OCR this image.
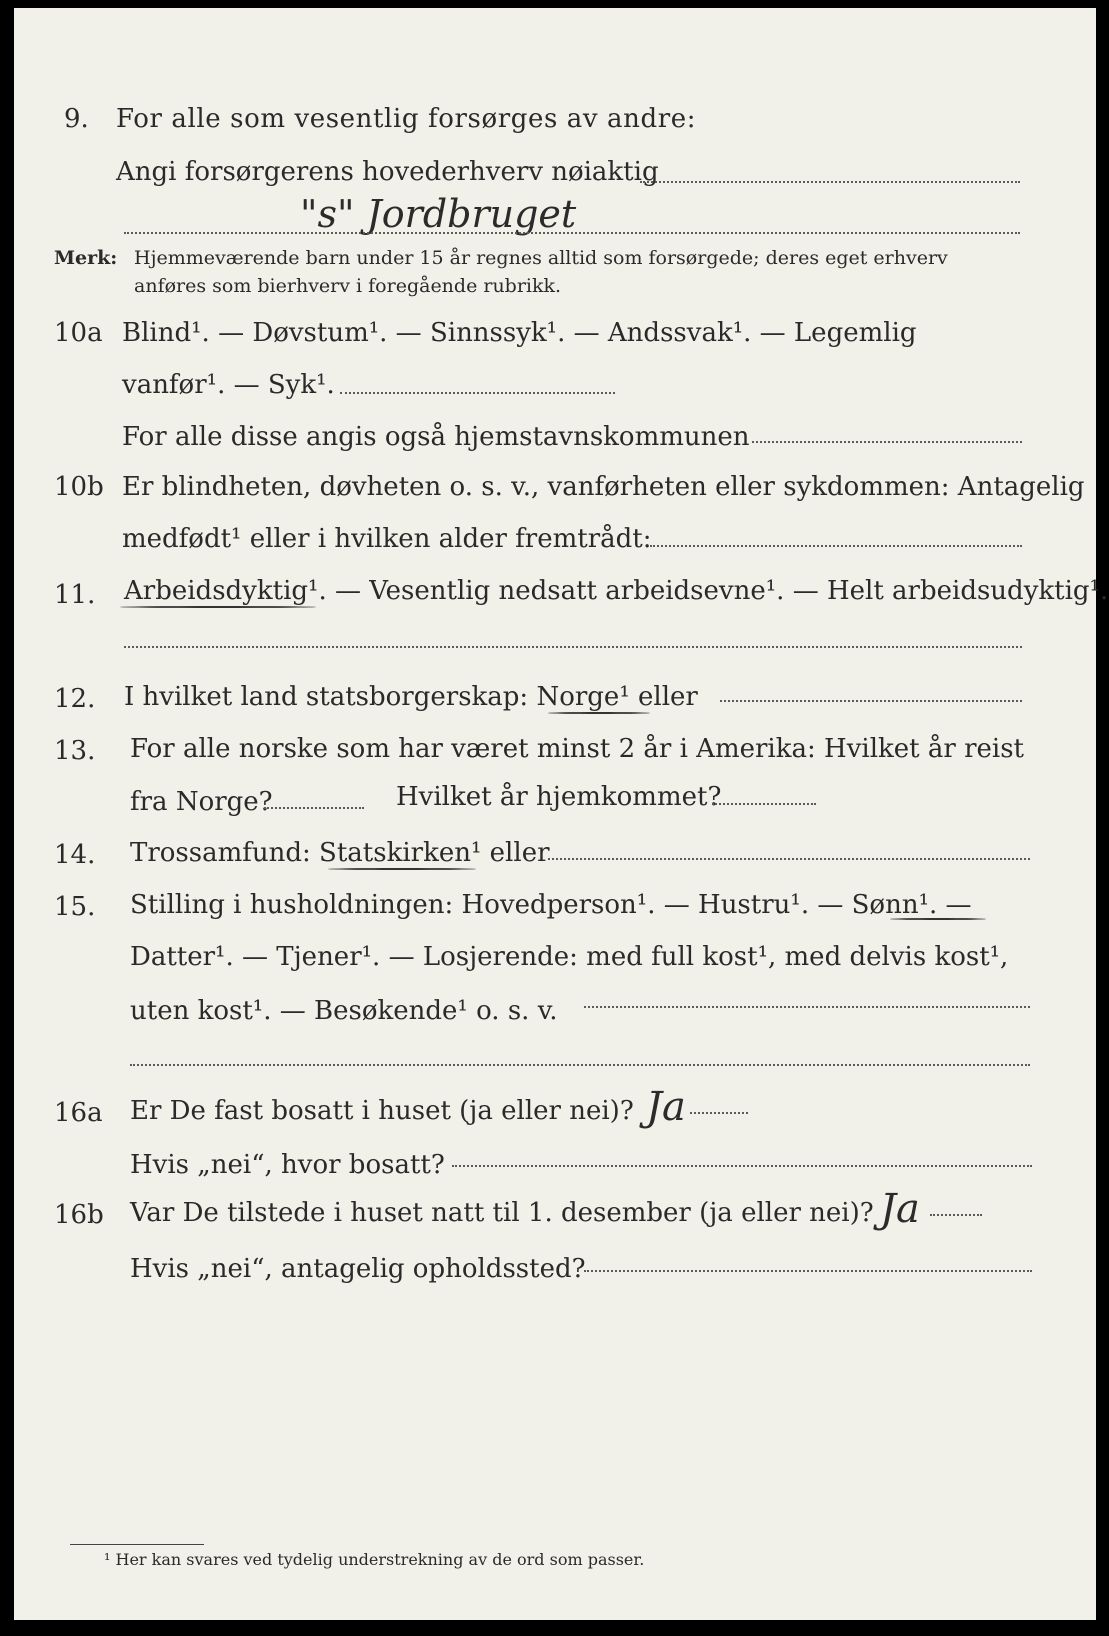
9. For alle som vesentlig forsørges av andre:
Angi forsørgerens hovederhverv nøiaktig
"s" Jordbruget
Merk: Hjemmeværende barn under 15 år regnes alltid som forsørgede; deres eget erhverv
anføres som bierhverv i foregående rubrikk.
10a Blind¹. — Døvstum¹. — Sinnssyk¹. — Andssvak¹. — Legemlig
vanfør¹. — Syk¹.
For alle disse angis også hjemstavnskommunen
10b Er blindheten, døvheten o. s. v., vanførheten eller sykdommen: Antagelig
medfødt¹ eller i hvilken alder fremtrådt:
11. Arbeidsdyktig¹. — Vesentlig nedsatt arbeidsevne¹. — Helt arbeidsudyktig¹.
12. I hvilket land statsborgerskap: Norge¹ eller
13. For alle norske som har været minst 2 år i Amerika: Hvilket år reist
fra Norge?	Hvilket år hjemkommet?
14. Trossamfund: Statskirken¹ eller
15. Stilling i husholdningen: Hovedperson¹. — Hustru¹. — Sønn¹. —
Datter¹. — Tjener¹. — Losjerende: med full kost¹, med delvis kost¹,
uten kost¹. — Besøkende¹ o. s. v.
16a Er De fast bosatt i huset (ja eller nei)? Ja
Hvis „nei“, hvor bosatt?
16b Var De tilstede i huset natt til 1. desember (ja eller nei)? Ja
Hvis „nei“, antagelig opholdssted?
¹ Her kan svares ved tydelig understrekning av de ord som passer.
